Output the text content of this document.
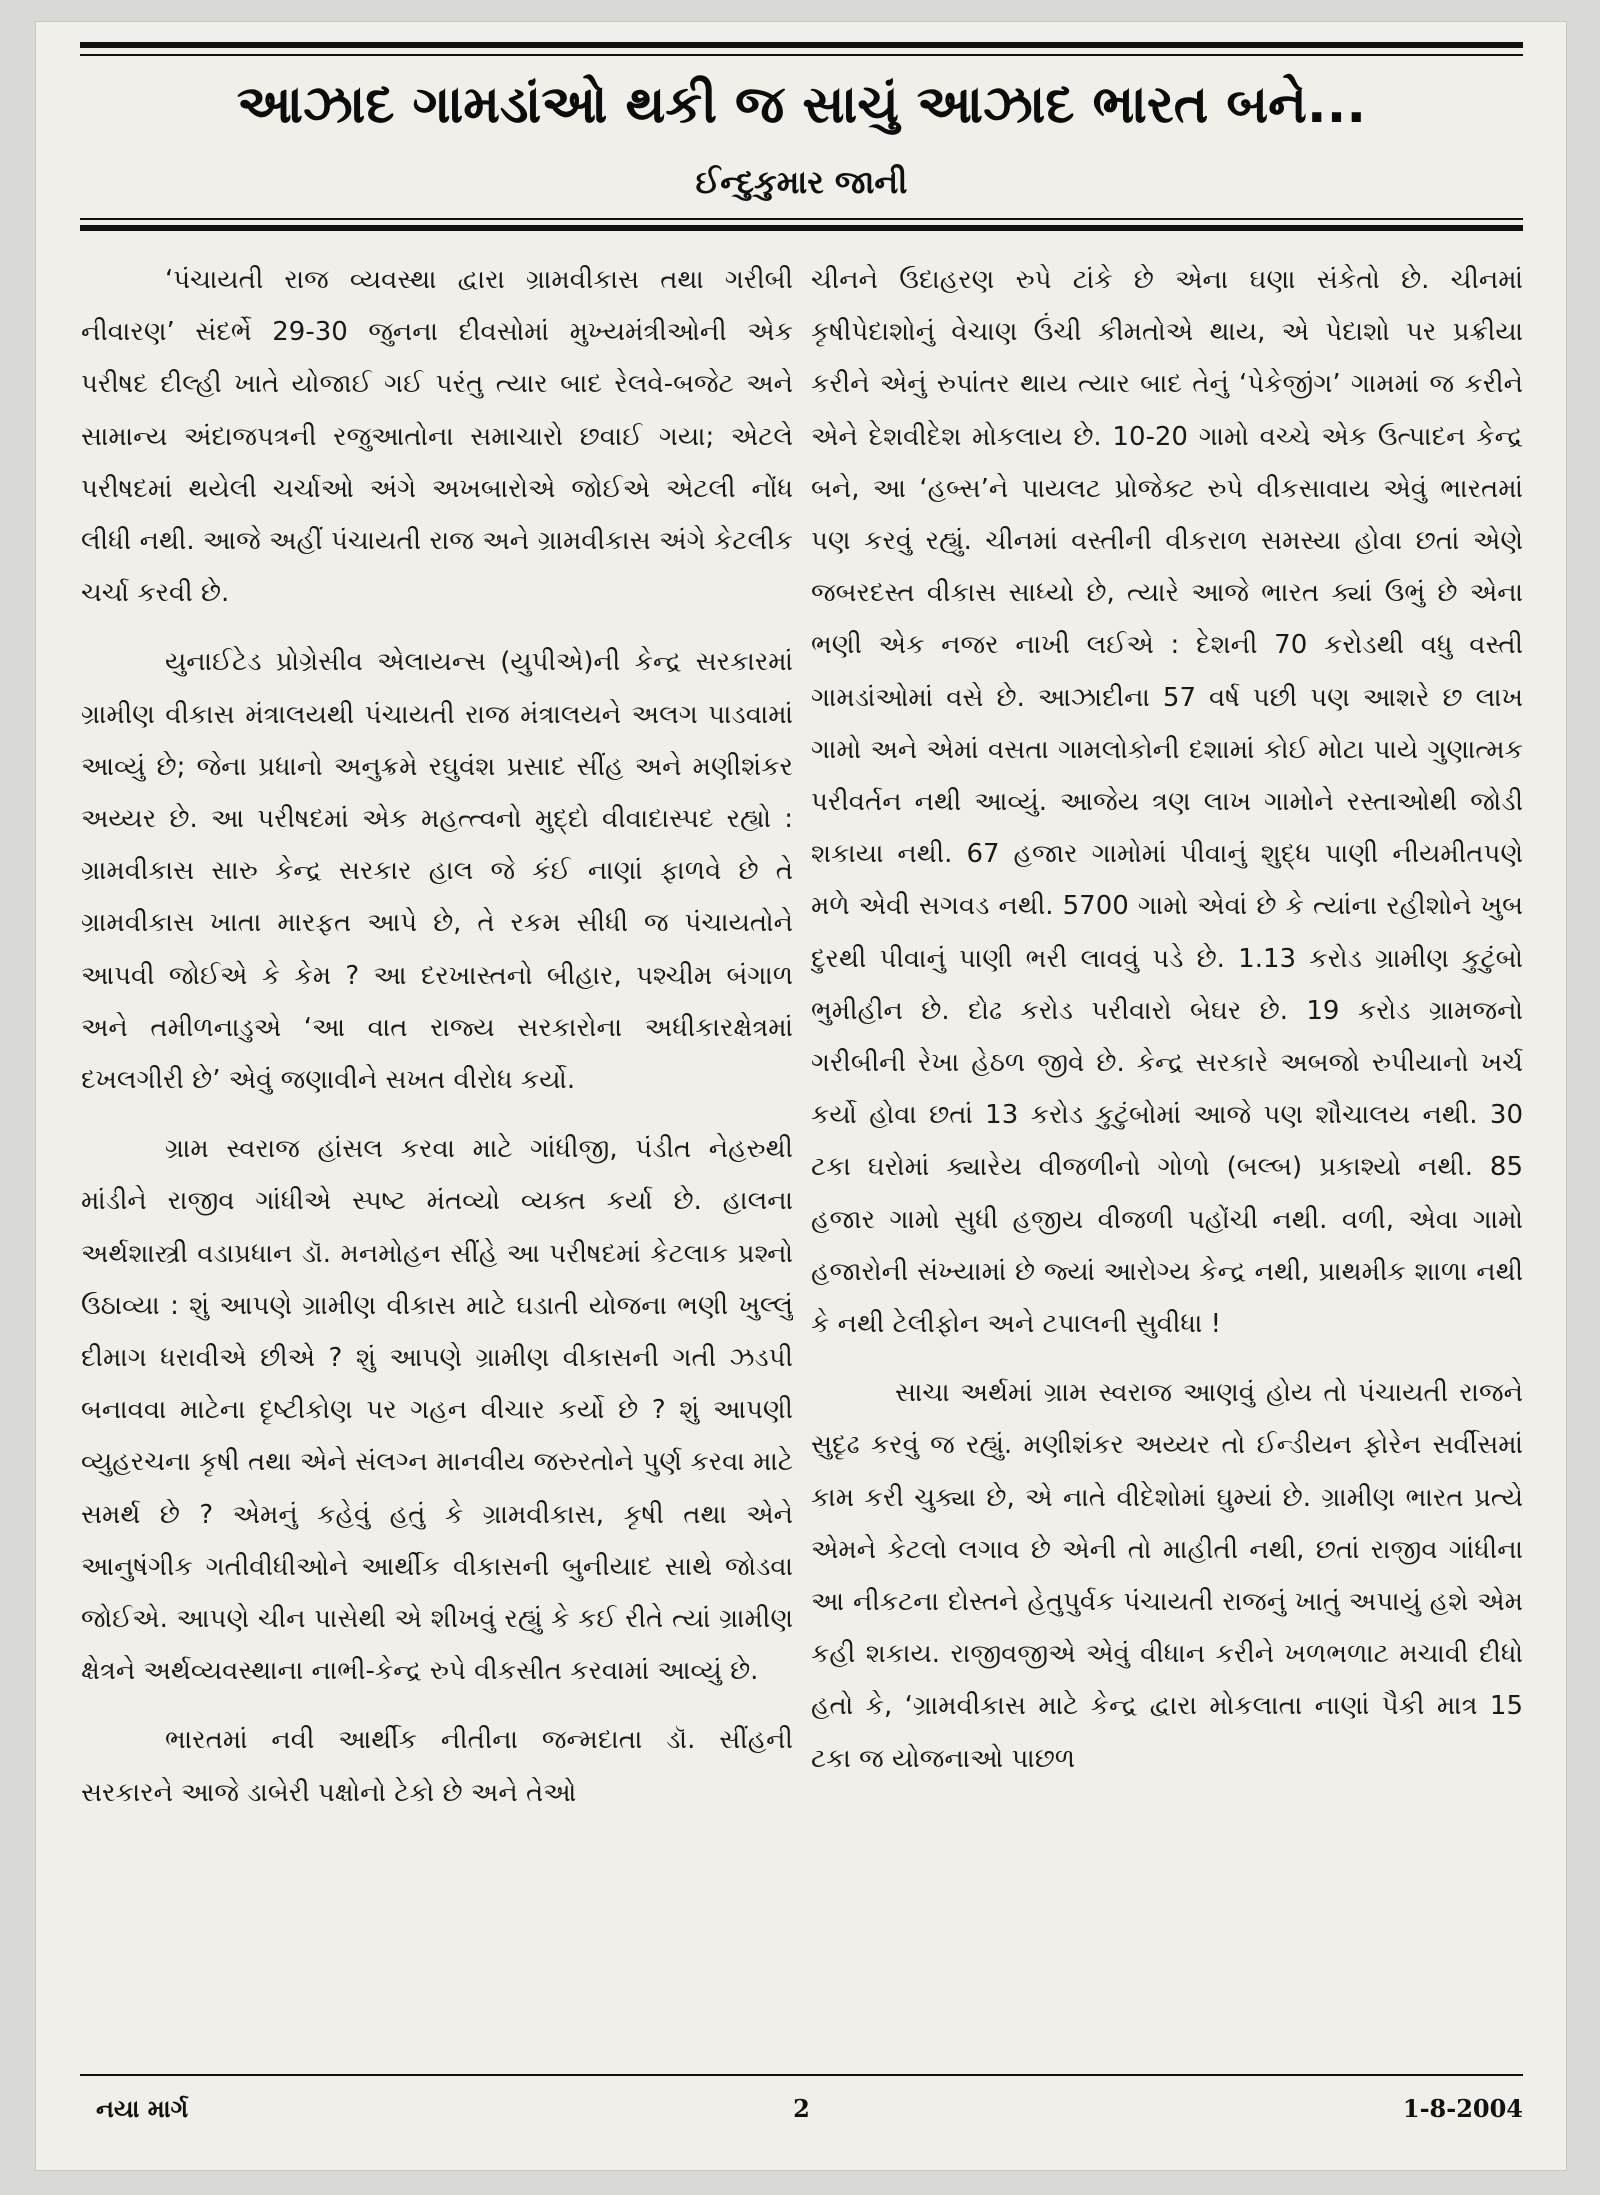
આઝાદ ગામડાંઓ થકી જ સાચું આઝાદ ભારત બને...
ઈન્દુકુમાર જાની

‘પંચાયતી રાજ વ્યવસ્થા દ્વારા ગ્રામવીકાસ તથા ગરીબી નીવારણ’ સંદર્ભે 29-30 જુનના દીવસોમાં મુખ્યમંત્રીઓની એક પરીષદ દીલ્હી ખાતે યોજાઈ ગઈ પરંતુ ત્યાર બાદ રેલવે-બજેટ અને સામાન્ય અંદાજપત્રની રજુઆતોના સમાચારો છવાઈ ગયા; એટલે પરીષદમાં થયેલી ચર્ચાઓ અંગે અખબારોએ જોઈએ એટલી નોંધ લીધી નથી. આજે અહીં પંચાયતી રાજ અને ગ્રામવીકાસ અંગે કેટલીક ચર્ચા કરવી છે.

યુનાઈટેડ પ્રોગ્રેસીવ એલાયન્સ (યુપીએ)ની કેન્દ્ર સરકારમાં ગ્રામીણ વીકાસ મંત્રાલયથી પંચાયતી રાજ મંત્રાલયને અલગ પાડવામાં આવ્યું છે; જેના પ્રધાનો અનુક્રમે રઘુવંશ પ્રસાદ સીંહ અને મણીશંકર અય્યર છે. આ પરીષદમાં એક મહત્ત્વનો મુદ્દો વીવાદાસ્પદ રહ્યો : ગ્રામવીકાસ સારુ કેન્દ્ર સરકાર હાલ જે કંઈ નાણાં ફાળવે છે તે ગ્રામવીકાસ ખાતા મારફત આપે છે, તે રકમ સીધી જ પંચાયતોને આપવી જોઈએ કે કેમ ? આ દરખાસ્તનો બીહાર, પશ્ચીમ બંગાળ અને તમીળનાડુએ ‘આ વાત રાજ્ય સરકારોના અધીકારક્ષેત્રમાં દખલગીરી છે’ એવું જણાવીને સખત વીરોધ કર્યો.

ગ્રામ સ્વરાજ હાંસલ કરવા માટે ગાંધીજી, પંડીત નેહરુથી માંડીને રાજીવ ગાંધીએ સ્પષ્ટ મંતવ્યો વ્યક્ત કર્યા છે. હાલના અર્થશાસ્ત્રી વડાપ્રધાન ડૉ. મનમોહન સીંહે આ પરીષદમાં કેટલાક પ્રશ્નો ઉઠાવ્યા : શું આપણે ગ્રામીણ વીકાસ માટે ઘડાતી યોજના ભણી ખુલ્લું દીમાગ ધરાવીએ છીએ ? શું આપણે ગ્રામીણ વીકાસની ગતી ઝડપી બનાવવા માટેના દૃષ્ટીકોણ પર ગહન વીચાર કર્યો છે ? શું આપણી વ્યુહરચના કૃષી તથા એને સંલગ્ન માનવીય જરુરતોને પુર્ણ કરવા માટે સમર્થ છે ? એમનું કહેવું હતું કે ગ્રામવીકાસ, કૃષી તથા એને આનુષંગીક ગતીવીધીઓને આર્થીક વીકાસની બુનીયાદ સાથે જોડવા જોઈએ. આપણે ચીન પાસેથી એ શીખવું રહ્યું કે કઈ રીતે ત્યાં ગ્રામીણ ક્ષેત્રને અર્થવ્યવસ્થાના નાભી-કેન્દ્ર રુપે વીકસીત કરવામાં આવ્યું છે.

ભારતમાં નવી આર્થીક નીતીના જન્મદાતા ડૉ. સીંહની સરકારને આજે ડાબેરી પક્ષોનો ટેકો છે અને તેઓ

ચીનને ઉદાહરણ રુપે ટાંકે છે એના ઘણા સંકેતો છે. ચીનમાં કૃષીપેદાશોનું વેચાણ ઉંચી કીમતોએ થાય, એ પેદાશો પર પ્રક્રીયા કરીને એનું રુપાંતર થાય ત્યાર બાદ તેનું ‘પેકેજીંગ’ ગામમાં જ કરીને એને દેશવીદેશ મોકલાય છે. 10-20 ગામો વચ્ચે એક ઉત્પાદન કેન્દ્ર બને, આ ‘હબ્સ’ને પાયલટ પ્રોજેક્ટ રુપે વીકસાવાય એવું ભારતમાં પણ કરવું રહ્યું. ચીનમાં વસ્તીની વીકરાળ સમસ્યા હોવા છતાં એણે જબરદસ્ત વીકાસ સાધ્યો છે, ત્યારે આજે ભારત ક્યાં ઉભું છે એના ભણી એક નજર નાખી લઈએ : દેશની 70 કરોડથી વધુ વસ્તી ગામડાંઓમાં વસે છે. આઝાદીના 57 વર્ષ પછી પણ આશરે છ લાખ ગામો અને એમાં વસતા ગામલોકોની દશામાં કોઈ મોટા પાયે ગુણાત્મક પરીવર્તન નથી આવ્યું. આજેય ત્રણ લાખ ગામોને રસ્તાઓથી જોડી શકાયા નથી. 67 હજાર ગામોમાં પીવાનું શુદ્ધ પાણી નીયમીતપણે મળે એવી સગવડ નથી. 5700 ગામો એવાં છે કે ત્યાંના રહીશોને ખુબ દુરથી પીવાનું પાણી ભરી લાવવું પડે છે. 1.13 કરોડ ગ્રામીણ કુટુંબો ભુમીહીન છે. દોઢ કરોડ પરીવારો બેઘર છે. 19 કરોડ ગ્રામજનો ગરીબીની રેખા હેઠળ જીવે છે. કેન્દ્ર સરકારે અબજો રુપીયાનો ખર્ચ કર્યો હોવા છતાં 13 કરોડ કુટુંબોમાં આજે પણ શૌચાલય નથી. 30 ટકા ઘરોમાં ક્યારેય વીજળીનો ગોળો (બલ્બ) પ્રકાશ્યો નથી. 85 હજાર ગામો સુધી હજીય વીજળી પહોંચી નથી. વળી, એવા ગામો હજારોની સંખ્યામાં છે જ્યાં આરોગ્ય કેન્દ્ર નથી, પ્રાથમીક શાળા નથી કે નથી ટેલીફોન અને ટપાલની સુવીધા !

સાચા અર્થમાં ગ્રામ સ્વરાજ આણવું હોય તો પંચાયતી રાજને સુદૃઢ કરવું જ રહ્યું. મણીશંકર અય્યર તો ઈન્ડીયન ફોરેન સર્વીસમાં કામ કરી ચુક્યા છે, એ નાતે વીદેશોમાં ઘુમ્યાં છે. ગ્રામીણ ભારત પ્રત્યે એમને કેટલો લગાવ છે એની તો માહીતી નથી, છતાં રાજીવ ગાંધીના આ નીકટના દોસ્તને હેતુપુર્વક પંચાયતી રાજનું ખાતું અપાયું હશે એમ કહી શકાય. રાજીવજીએ એવું વીધાન કરીને ખળભળાટ મચાવી દીધો હતો કે, ‘ગ્રામવીકાસ માટે કેન્દ્ર દ્વારા મોકલાતા નાણાં પૈકી માત્ર 15 ટકા જ યોજનાઓ પાછળ

નયા માર્ગ	2	1-8-2004
